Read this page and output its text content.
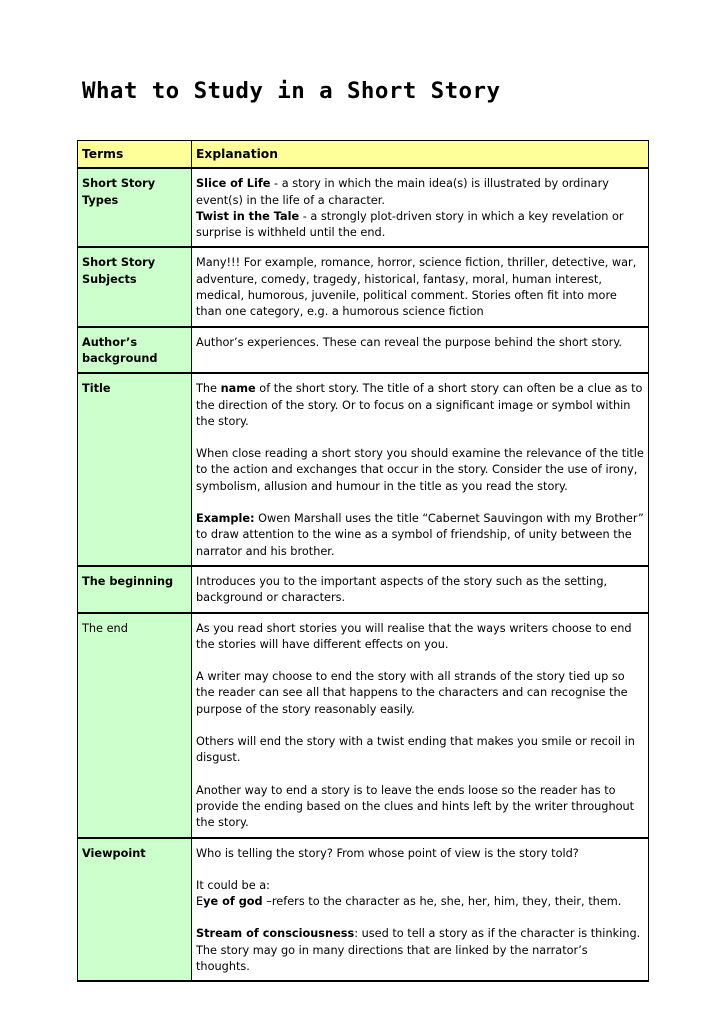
What to Study in a Short Story
Terms	Explanation
Short Story Types	Slice of Life - a story in which the main idea(s) is illustrated by ordinary event(s) in the life of a character.
Twist in the Tale - a strongly plot-driven story in which a key revelation or surprise is withheld until the end.

Short Story Subjects	Many!!! For example, romance, horror, science fiction, thriller, detective, war, adventure, comedy, tragedy, historical, fantasy, moral, human interest, medical, humorous, juvenile, political comment. Stories often fit into more than one category, e.g. a humorous science fiction

Author’s background	Author’s experiences. These can reveal the purpose behind the short story.

Title	The name of the short story. The title of a short story can often be a clue as to the direction of the story. Or to focus on a significant image or symbol within the story.

When close reading a short story you should examine the relevance of the title to the action and exchanges that occur in the story. Consider the use of irony, symbolism, allusion and humour in the title as you read the story.

Example: Owen Marshall uses the title “Cabernet Sauvingon with my Brother” to draw attention to the wine as a symbol of friendship, of unity between the narrator and his brother.

The beginning	Introduces you to the important aspects of the story such as the setting, background or characters.

The end	As you read short stories you will realise that the ways writers choose to end the stories will have different effects on you.

A writer may choose to end the story with all strands of the story tied up so the reader can see all that happens to the characters and can recognise the purpose of the story reasonably easily.

Others will end the story with a twist ending that makes you smile or recoil in disgust.

Another way to end a story is to leave the ends loose so the reader has to provide the ending based on the clues and hints left by the writer throughout the story.

Viewpoint	Who is telling the story? From whose point of view is the story told?

It could be a:
Eye of god –refers to the character as he, she, her, him, they, their, them.

Stream of consciousness: used to tell a story as if the character is thinking. The story may go in many directions that are linked by the narrator’s thoughts.
